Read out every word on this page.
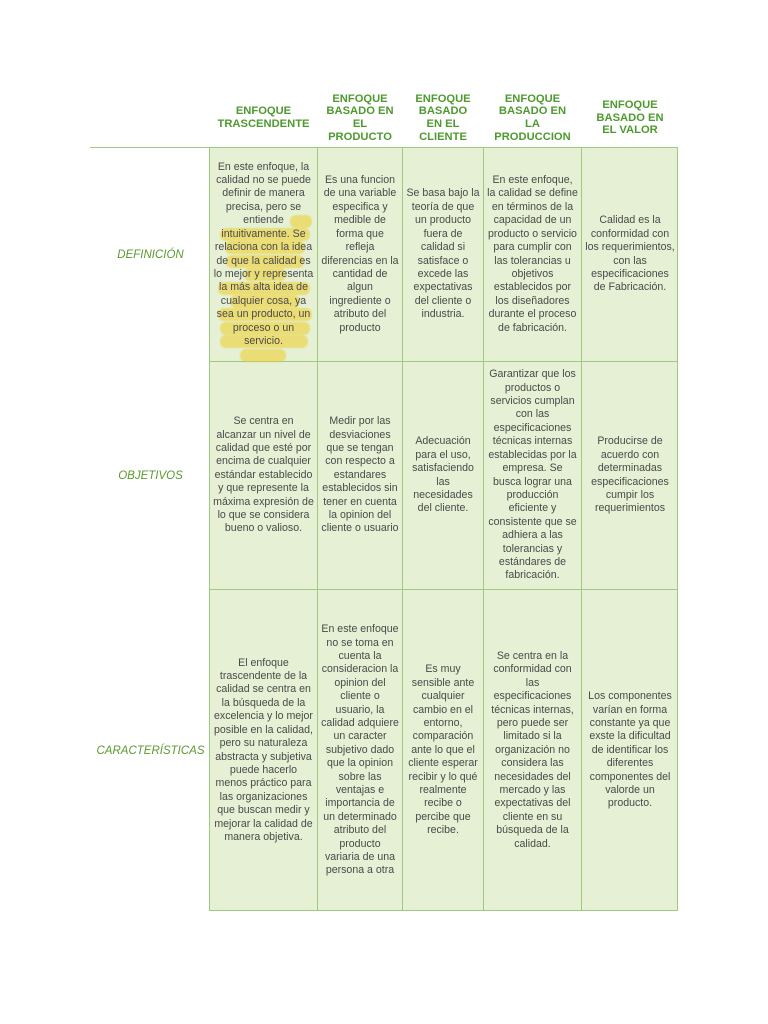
ENFOQUE
TRASCENDENTE
ENFOQUE
BASADO EN
EL
PRODUCTO
ENFOQUE
BASADO
EN EL
CLIENTE
ENFOQUE
BASADO EN
LA
PRODUCCION
ENFOQUE
BASADO EN
EL VALOR
DEFINICIÓN
OBJETIVOS
CARACTERÍSTICAS
En este enfoque, la calidad no se puede definir de manera precisa, pero se entiende intuitivamente. Se relaciona con la idea de que la calidad es lo mejor y representa la más alta idea de cualquier cosa, ya sea un producto, un proceso o un servicio.
Es una funcion de una variable especifica y medible de forma que refleja diferencias en la cantidad de algun ingrediente o atributo del producto
Se basa bajo la teoría de que un producto fuera de calidad si satisface o excede las expectativas del cliente o industria.
En este enfoque, la calidad se define en términos de la capacidad de un producto o servicio para cumplir con las tolerancias u objetivos establecidos por los diseñadores durante el proceso de fabricación.
Calidad es la conformidad con los requerimientos, con las especificaciones de Fabricación.
Se centra en alcanzar un nivel de calidad que esté por encima de cualquier estándar establecido y que represente la máxima expresión de lo que se considera bueno o valioso.
Medir por las desviaciones que se tengan con respecto a estandares establecidos sin tener en cuenta la opinion del cliente o usuario
Adecuación para el uso, satisfaciendo las necesidades del cliente.
Garantizar que los productos o servicios cumplan con las especificaciones técnicas internas establecidas por la empresa. Se busca lograr una producción eficiente y consistente que se adhiera a las tolerancias y estándares de fabricación.
Producirse de acuerdo con determinadas especificaciones cumpir los requerimientos
El enfoque trascendente de la calidad se centra en la búsqueda de la excelencia y lo mejor posible en la calidad, pero su naturaleza abstracta y subjetiva puede hacerlo menos práctico para las organizaciones que buscan medir y mejorar la calidad de manera objetiva.
En este enfoque no se toma en cuenta la consideracion la opinion del cliente o usuario, la calidad adquiere un caracter subjetivo dado que la opinion sobre las ventajas e importancia de un determinado atributo del producto variaria de una persona a otra
Es muy sensible ante cualquier cambio en el entorno, comparación ante lo que el cliente esperar recibir y lo qué realmente recibe o percibe que recibe.
Se centra en la conformidad con las especificaciones técnicas internas, pero puede ser limitado si la organización no considera las necesidades del mercado y las expectativas del cliente en su búsqueda de la calidad.
Los componentes varían en forma constante ya que exste la dificultad de identificar los diferentes componentes del valorde un producto.
